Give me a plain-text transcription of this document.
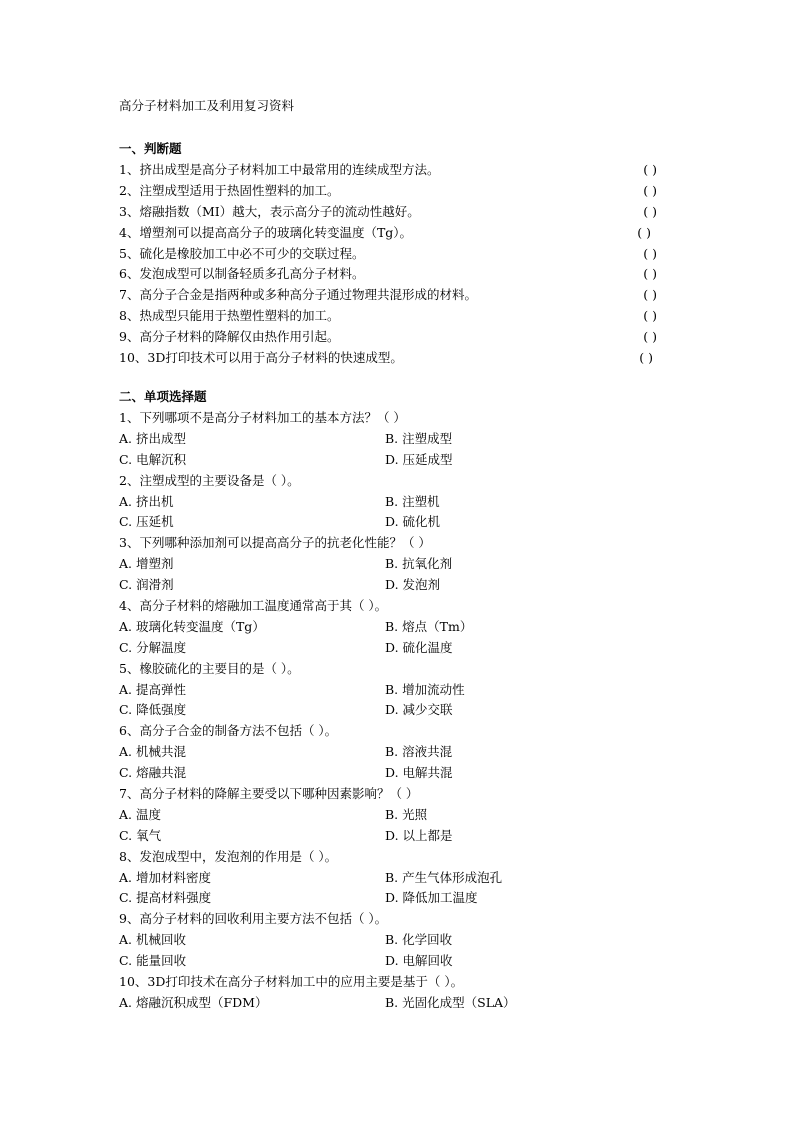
高分子材料加工及利用复习资料
一、判断题
1、挤出成型是高分子材料加工中最常用的连续成型方法。	( )
2、注塑成型适用于热固性塑料的加工。	( )
3、熔融指数（MI）越大，表示高分子的流动性越好。	( )
4、增塑剂可以提高高分子的玻璃化转变温度（Tg）。	( )
5、硫化是橡胶加工中必不可少的交联过程。	( )
6、发泡成型可以制备轻质多孔高分子材料。	( )
7、高分子合金是指两种或多种高分子通过物理共混形成的材料。	( )
8、热成型只能用于热塑性塑料的加工。	( )
9、高分子材料的降解仅由热作用引起。	( )
10、3D打印技术可以用于高分子材料的快速成型。	( )
二、单项选择题
1、下列哪项不是高分子材料加工的基本方法？（ ）
A. 挤出成型	B. 注塑成型
C. 电解沉积	D. 压延成型
2、注塑成型的主要设备是（ ）。
A. 挤出机	B. 注塑机
C. 压延机	D. 硫化机
3、下列哪种添加剂可以提高高分子的抗老化性能？（ ）
A. 增塑剂	B. 抗氧化剂
C. 润滑剂	D. 发泡剂
4、高分子材料的熔融加工温度通常高于其（ ）。
A. 玻璃化转变温度（Tg）	B. 熔点（Tm）
C. 分解温度	D. 硫化温度
5、橡胶硫化的主要目的是（ ）。
A. 提高弹性	B. 增加流动性
C. 降低强度	D. 减少交联
6、高分子合金的制备方法不包括（ ）。
A. 机械共混	B. 溶液共混
C. 熔融共混	D. 电解共混
7、高分子材料的降解主要受以下哪种因素影响？（ ）
A. 温度	B. 光照
C. 氧气	D. 以上都是
8、发泡成型中，发泡剂的作用是（ ）。
A. 增加材料密度	B. 产生气体形成泡孔
C. 提高材料强度	D. 降低加工温度
9、高分子材料的回收利用主要方法不包括（ ）。
A. 机械回收	B. 化学回收
C. 能量回收	D. 电解回收
10、3D打印技术在高分子材料加工中的应用主要是基于（ ）。
A. 熔融沉积成型（FDM）	B. 光固化成型（SLA）
